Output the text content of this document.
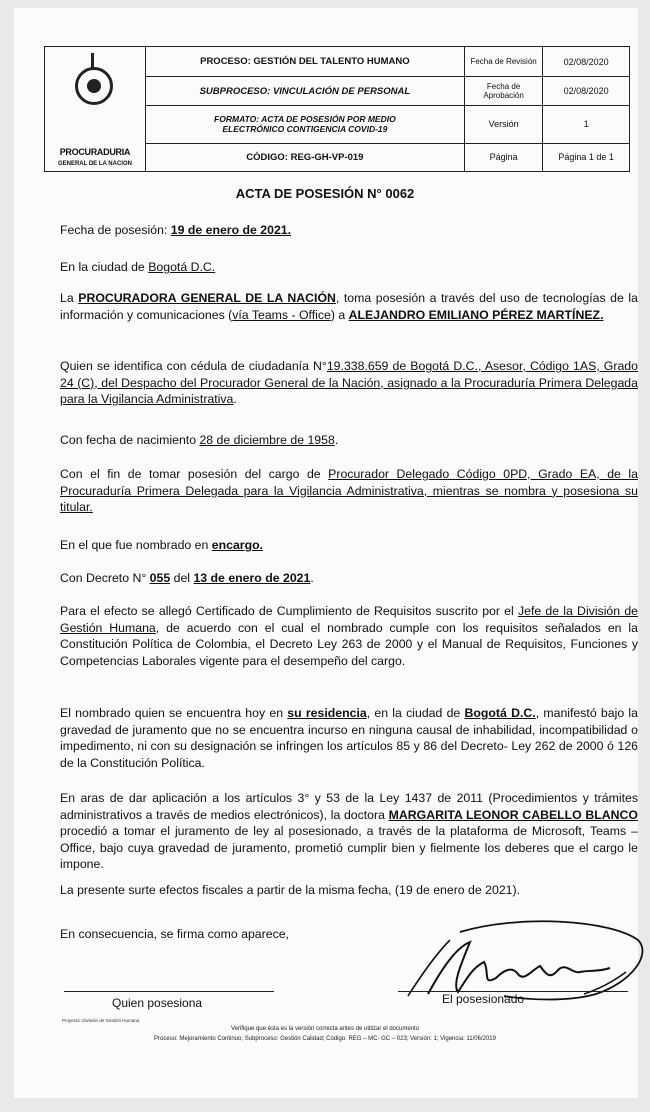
PROCURADURIA
GENERAL DE LA NACION	PROCESO: GESTIÓN DEL TALENTO HUMANO	Fecha de Revisión	02/08/2020
	SUBPROCESO: VINCULACIÓN DE PERSONAL	Fecha de Aprobación	02/08/2020
	FORMATO: ACTA DE POSESIÓN POR MEDIO ELECTRÓNICO CONTIGENCIA COVID-19	Versión	1
	CÓDIGO: REG-GH-VP-019	Página	Página 1 de 1
ACTA DE POSESIÓN N° 0062

Fecha de posesión: 19 de enero de 2021.

En la ciudad de Bogotá D.C.

La PROCURADORA GENERAL DE LA NACIÓN, toma posesión a través del uso de tecnologías de la información y comunicaciones (vía Teams - Office) a ALEJANDRO EMILIANO PÉREZ MARTÍNEZ.

Quien se identifica con cédula de ciudadanía N°19.338.659 de Bogotá D.C., Asesor, Código 1AS, Grado 24 (C), del Despacho del Procurador General de la Nación, asignado a la Procuraduría Primera Delegada para la Vigilancia Administrativa.

Con fecha de nacimiento 28 de diciembre de 1958.

Con el fin de tomar posesión del cargo de Procurador Delegado Código 0PD, Grado EA, de la Procuraduría Primera Delegada para la Vigilancia Administrativa, mientras se nombra y posesiona su titular.

En el que fue nombrado en encargo.

Con Decreto N° 055 del 13 de enero de 2021.

Para el efecto se allegó Certificado de Cumplimiento de Requisitos suscrito por el Jefe de la División de Gestión Humana, de acuerdo con el cual el nombrado cumple con los requisitos señalados en la Constitución Política de Colombia, el Decreto Ley 263 de 2000 y el Manual de Requisitos, Funciones y Competencias Laborales vigente para el desempeño del cargo.

El nombrado quien se encuentra hoy en su residencia, en la ciudad de Bogotá D.C., manifestó bajo la gravedad de juramento que no se encuentra incurso en ninguna causal de inhabilidad, incompatibilidad o impedimento, ni con su designación se infringen los artículos 85 y 86 del Decreto- Ley 262 de 2000 ó 126 de la Constitución Política.

En aras de dar aplicación a los artículos 3° y 53 de la Ley 1437 de 2011 (Procedimientos y trámites administrativos a través de medios electrónicos), la doctora MARGARITA LEONOR CABELLO BLANCO procedió a tomar el juramento de ley al posesionado, a través de la plataforma de Microsoft, Teams – Office, bajo cuya gravedad de juramento, prometió cumplir bien y fielmente los deberes que el cargo le impone.

La presente surte efectos fiscales a partir de la misma fecha, (19 de enero de 2021).

En consecuencia, se firma como aparece,

Quien posesiona	El posesionado
Proyectó: División de Gestión Humana
Verifique que ésta es la versión correcta antes de utilizar el documento
Proceso: Mejoramiento Continuo; Subproceso: Gestión Calidad; Código: REG – MC- GC – 023; Versión: 1; Vigencia: 11/06/2019
